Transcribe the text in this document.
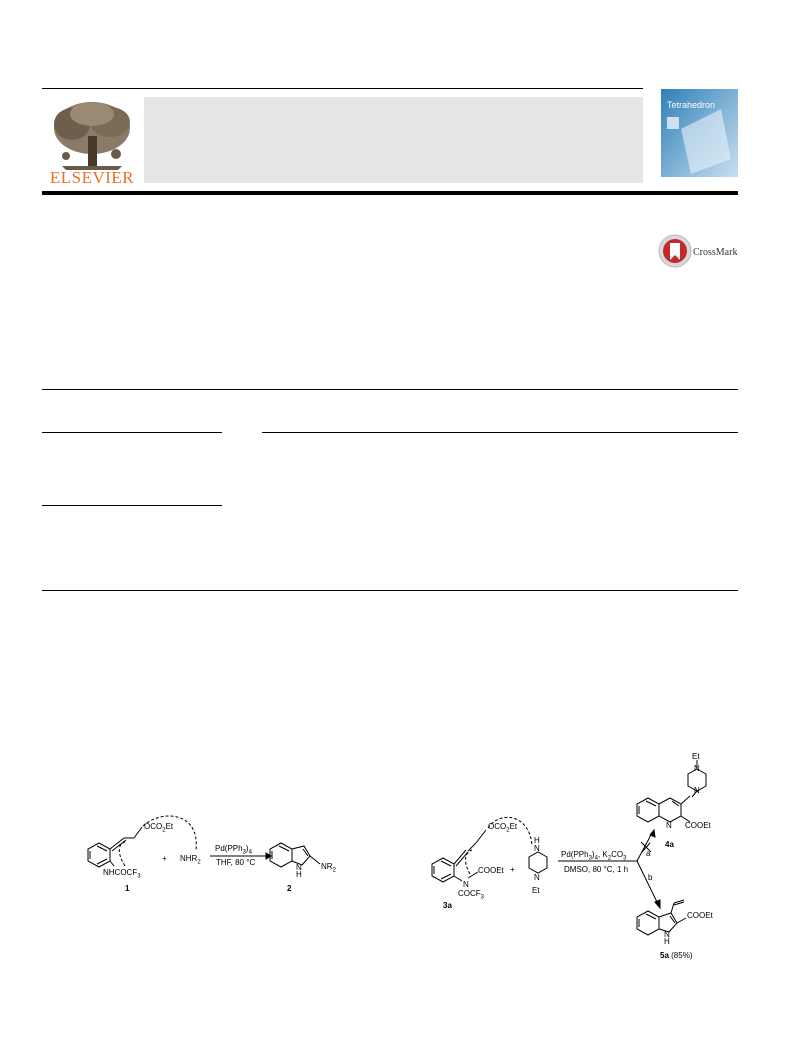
ELSEVIER
Tetrahedron
CrossMark
$OCO_2Et$
$NHCOCF_3$
+ $NHR_2$
$Pd(PPh_3)_4$
THF, 80 °C
N
H
$NR_2$
1	2
$OCO_2Et$
COOEt
N
$COCF_3$
+
H
N
N
Et
$Pd(PPh_3)_4$, $K_2CO_3$
DMSO, 80 °C, 1 h
a
b
Et
N
N
N COOEt
4a
COOEt
N
H
5a (85%)
3a
